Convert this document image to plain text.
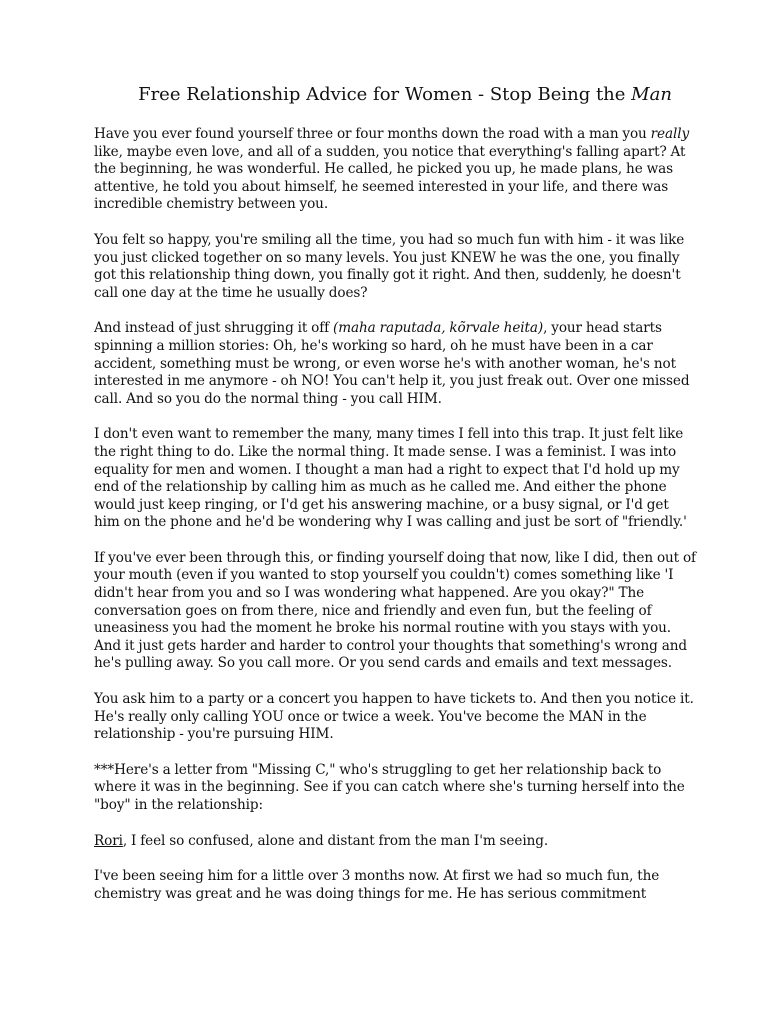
Free Relationship Advice for Women - Stop Being the Man

Have you ever found yourself three or four months down the road with a man you really like, maybe even love, and all of a sudden, you notice that everything's falling apart? At the beginning, he was wonderful. He called, he picked you up, he made plans, he was attentive, he told you about himself, he seemed interested in your life, and there was incredible chemistry between you.

You felt so happy, you're smiling all the time, you had so much fun with him - it was like you just clicked together on so many levels. You just KNEW he was the one, you finally got this relationship thing down, you finally got it right. And then, suddenly, he doesn't call one day at the time he usually does?

And instead of just shrugging it off (maha raputada, kõrvale heita), your head starts spinning a million stories: Oh, he's working so hard, oh he must have been in a car accident, something must be wrong, or even worse he's with another woman, he's not interested in me anymore - oh NO! You can't help it, you just freak out. Over one missed call. And so you do the normal thing - you call HIM.

I don't even want to remember the many, many times I fell into this trap. It just felt like the right thing to do. Like the normal thing. It made sense. I was a feminist. I was into equality for men and women. I thought a man had a right to expect that I'd hold up my end of the relationship by calling him as much as he called me. And either the phone would just keep ringing, or I'd get his answering machine, or a busy signal, or I'd get him on the phone and he'd be wondering why I was calling and just be sort of "friendly.'

If you've ever been through this, or finding yourself doing that now, like I did, then out of your mouth (even if you wanted to stop yourself you couldn't) comes something like 'I didn't hear from you and so I was wondering what happened. Are you okay?" The conversation goes on from there, nice and friendly and even fun, but the feeling of uneasiness you had the moment he broke his normal routine with you stays with you. And it just gets harder and harder to control your thoughts that something's wrong and he's pulling away. So you call more. Or you send cards and emails and text messages.

You ask him to a party or a concert you happen to have tickets to. And then you notice it. He's really only calling YOU once or twice a week. You've become the MAN in the relationship - you're pursuing HIM.

***Here's a letter from "Missing C," who's struggling to get her relationship back to where it was in the beginning. See if you can catch where she's turning herself into the "boy" in the relationship:

Rori, I feel so confused, alone and distant from the man I'm seeing.

I've been seeing him for a little over 3 months now. At first we had so much fun, the chemistry was great and he was doing things for me. He has serious commitment
